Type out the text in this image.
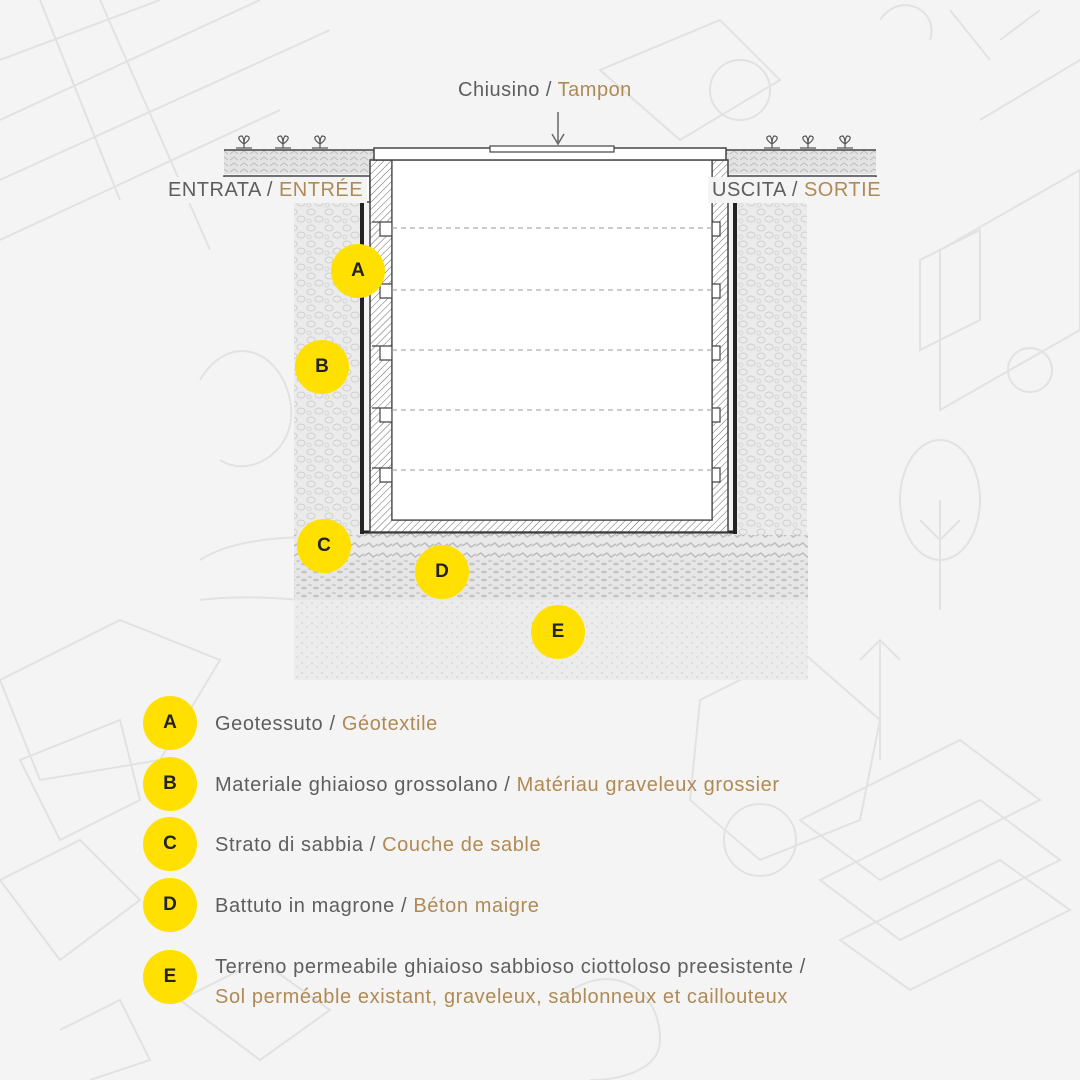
Chiusino / Tampon
ENTRATA / ENTRÉE	USCITA / SORTIE
A
B
C
D
E
A	Geotessuto / Géotextile
B	Materiale ghiaioso grossolano / Matériau graveleux grossier
C	Strato di sabbia / Couche de sable
D	Battuto in magrone / Béton maigre
E	Terreno permeabile ghiaioso sabbioso ciottoloso preesistente /
Sol perméable existant, graveleux, sablonneux et caillouteux
